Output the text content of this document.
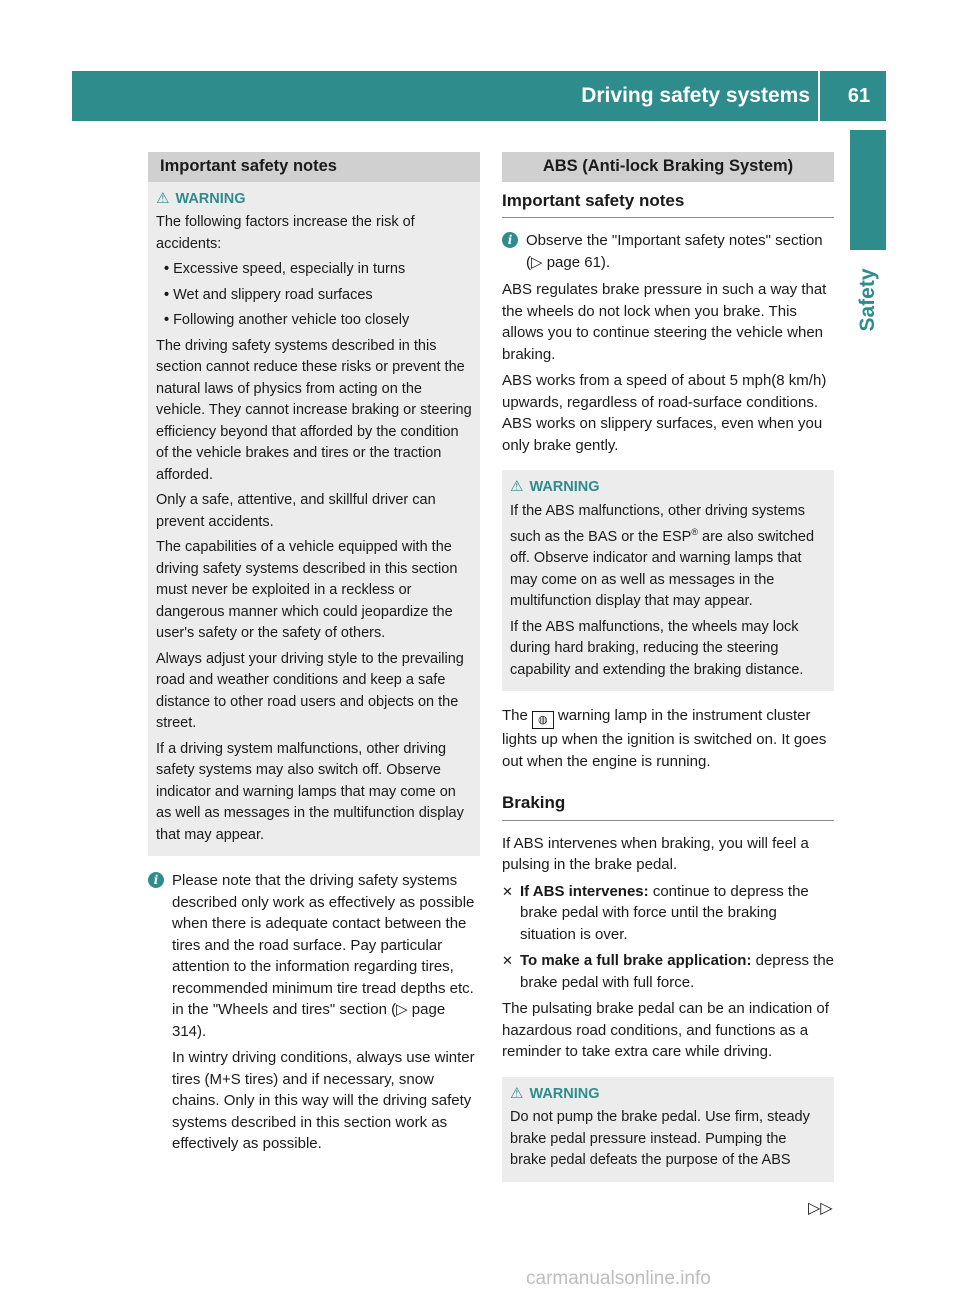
Driving safety systems	61
Safety
Important safety notes
⚠ WARNING

The following factors increase the risk of accidents:

• Excessive speed, especially in turns
• Wet and slippery road surfaces
• Following another vehicle too closely

The driving safety systems described in this section cannot reduce these risks or prevent the natural laws of physics from acting on the vehicle. They cannot increase braking or steering efficiency beyond that afforded by the condition of the vehicle brakes and tires or the traction afforded.

Only a safe, attentive, and skillful driver can prevent accidents.

The capabilities of a vehicle equipped with the driving safety systems described in this section must never be exploited in a reckless or dangerous manner which could jeopardize the user's safety or the safety of others.

Always adjust your driving style to the prevailing road and weather conditions and keep a safe distance to other road users and objects on the street.

If a driving system malfunctions, other driving safety systems may also switch off. Observe indicator and warning lamps that may come on as well as messages in the multifunction display that may appear.

i Please note that the driving safety systems described only work as effectively as possible when there is adequate contact between the tires and the road surface. Pay particular attention to the information regarding tires, recommended minimum tire tread depths etc. in the "Wheels and tires" section (▷ page 314).

In wintry driving conditions, always use winter tires (M+S tires) and if necessary, snow chains. Only in this way will the driving safety systems described in this section work as effectively as possible.

ABS (Anti-lock Braking System)
Important safety notes
i Observe the "Important safety notes" section (▷ page 61).

ABS regulates brake pressure in such a way that the wheels do not lock when you brake. This allows you to continue steering the vehicle when braking.

ABS works from a speed of about 5 mph(8 km/h) upwards, regardless of road-surface conditions. ABS works on slippery surfaces, even when you only brake gently.

⚠ WARNING

If the ABS malfunctions, other driving systems such as the BAS or the ESP® are also switched off. Observe indicator and warning lamps that may come on as well as messages in the multifunction display that may appear.

If the ABS malfunctions, the wheels may lock during hard braking, reducing the steering capability and extending the braking distance.

The ◍ warning lamp in the instrument cluster lights up when the ignition is switched on. It goes out when the engine is running.

Braking

If ABS intervenes when braking, you will feel a pulsing in the brake pedal.

✕ If ABS intervenes: continue to depress the brake pedal with force until the braking situation is over.
✕ To make a full brake application: depress the brake pedal with full force.

The pulsating brake pedal can be an indication of hazardous road conditions, and functions as a reminder to take extra care while driving.

⚠ WARNING

Do not pump the brake pedal. Use firm, steady brake pedal pressure instead. Pumping the brake pedal defeats the purpose of the ABS

▷▷
carmanualsonline.info
